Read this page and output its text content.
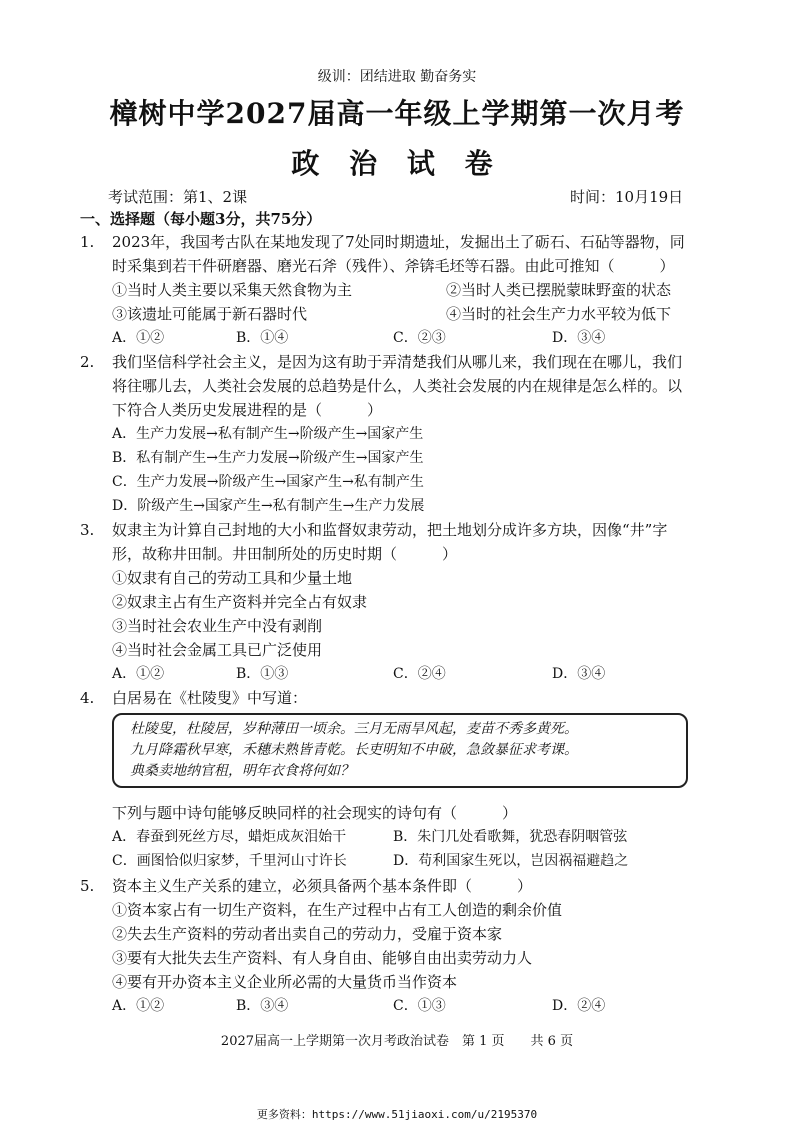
级训：团结进取 勤奋务实
樟树中学2027届高一年级上学期第一次月考
政 治 试 卷
考试范围：第1、2课	时间：10月19日
一、选择题（每小题3分，共75分）
1. 2023年，我国考古队在某地发现了7处同时期遗址，发掘出土了砺石、石砧等器物，同
时采集到若干件研磨器、磨光石斧（残件）、斧锛毛坯等石器。由此可推知（　　　）
①当时人类主要以采集天然食物为主	②当时人类已摆脱蒙昧野蛮的状态
③该遗址可能属于新石器时代	④当时的社会生产力水平较为低下
A．①②	B．①④	C．②③	D．③④
2. 我们坚信科学社会主义，是因为这有助于弄清楚我们从哪儿来，我们现在在哪儿，我们
将往哪儿去，人类社会发展的总趋势是什么，人类社会发展的内在规律是怎么样的。以
下符合人类历史发展进程的是（　　　）
A．生产力发展→私有制产生→阶级产生→国家产生
B．私有制产生→生产力发展→阶级产生→国家产生
C．生产力发展→阶级产生→国家产生→私有制产生
D．阶级产生→国家产生→私有制产生→生产力发展
3. 奴隶主为计算自己封地的大小和监督奴隶劳动，把土地划分成许多方块，因像“井”字
形，故称井田制。井田制所处的历史时期（　　　）
①奴隶有自己的劳动工具和少量土地
②奴隶主占有生产资料并完全占有奴隶
③当时社会农业生产中没有剥削
④当时社会金属工具已广泛使用
A．①②	B．①③	C．②④	D．③④
4. 白居易在《杜陵叟》中写道：
杜陵叟，杜陵居，岁种薄田一顷余。三月无雨旱风起，麦苗不秀多黄死。
九月降霜秋早寒，禾穗未熟皆青乾。长吏明知不申破，急敛暴征求考课。
典桑卖地纳官租，明年衣食将何如？
下列与题中诗句能够反映同样的社会现实的诗句有（　　　）
A．春蚕到死丝方尽，蜡炬成灰泪始干	B．朱门几处看歌舞，犹恐春阴咽管弦
C．画图恰似归家梦，千里河山寸许长	D．苟利国家生死以，岂因祸福避趋之
5. 资本主义生产关系的建立，必须具备两个基本条件即（　　　）
①资本家占有一切生产资料，在生产过程中占有工人创造的剩余价值
②失去生产资料的劳动者出卖自己的劳动力，受雇于资本家
③要有大批失去生产资料、有人身自由、能够自由出卖劳动力人
④要有开办资本主义企业所必需的大量货币当作资本
A．①②	B．③④	C．①③	D．②④
2027届高一上学期第一次月考政治试卷　第 1 页　　共 6 页
更多资料：https://www.51jiaoxi.com/u/2195370
